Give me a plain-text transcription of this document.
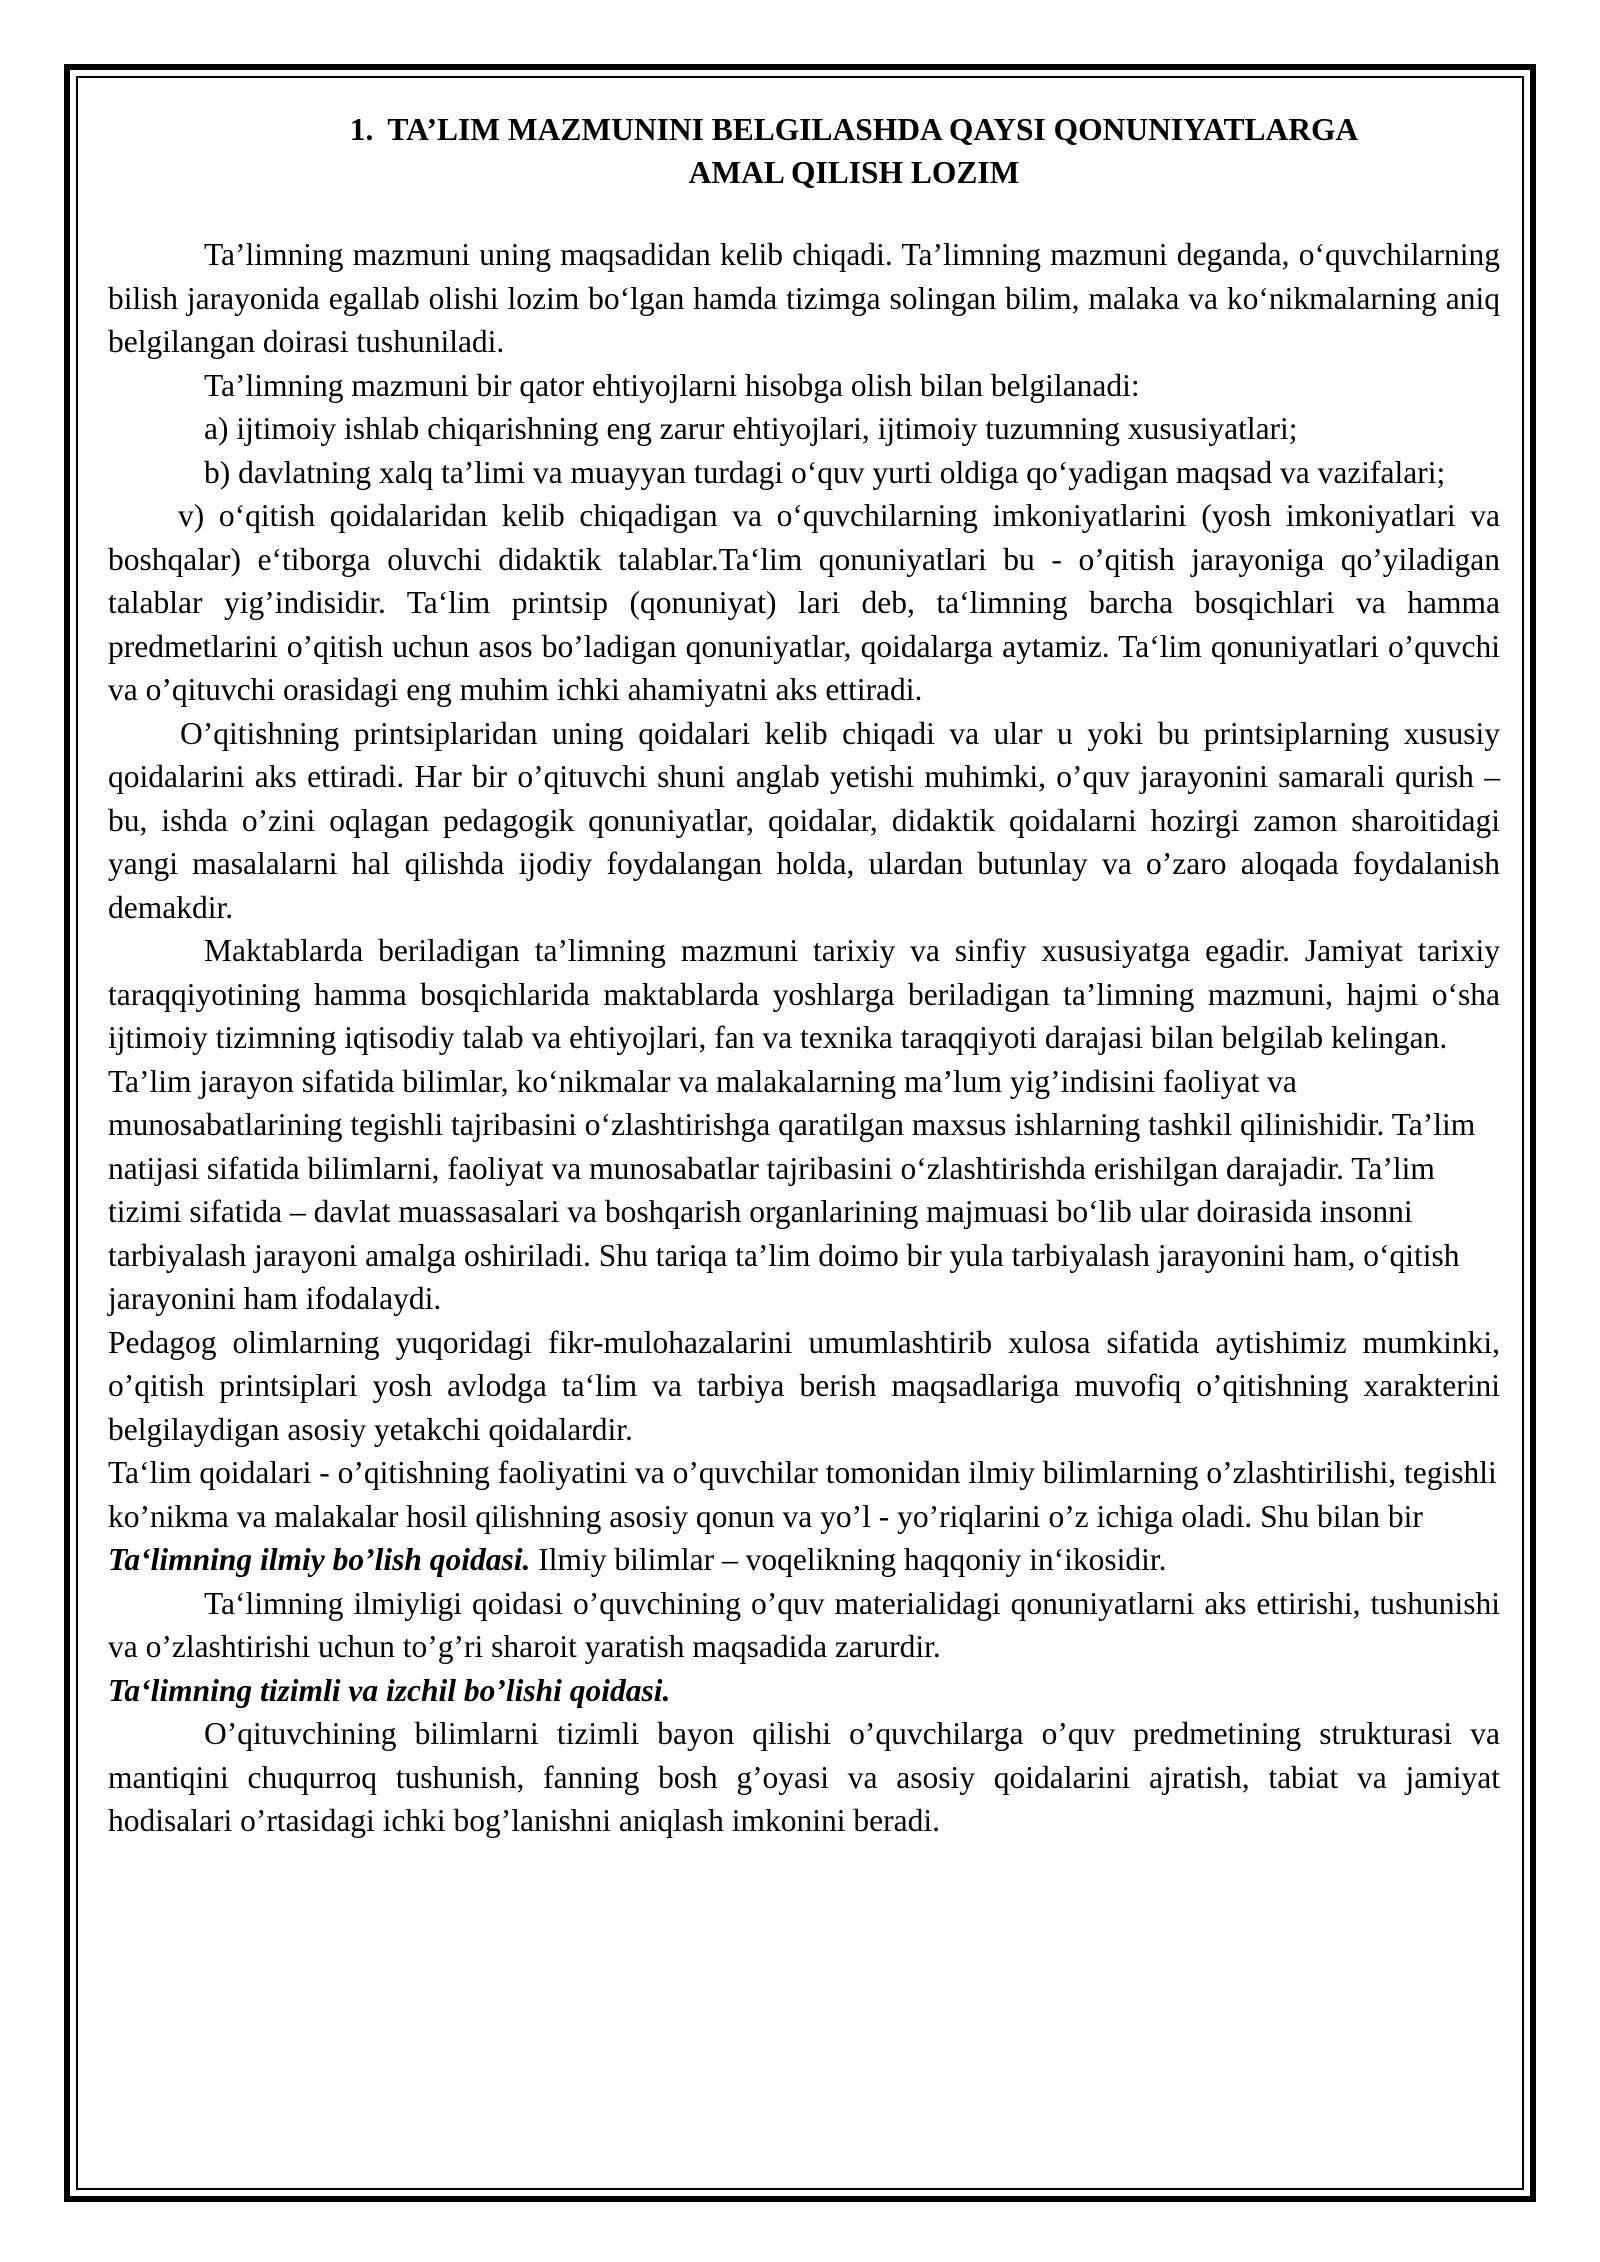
1. TA’LIM MAZMUNINI BELGILASHDA QAYSI QONUNIYATLARGA
AMAL QILISH LOZIM

Ta’limning mazmuni uning maqsadidan kelib chiqadi. Ta’limning mazmuni deganda, o‘quvchilarning bilish jarayonida egallab olishi lozim bo‘lgan hamda tizimga solingan bilim, malaka va ko‘nikmalarning aniq belgilangan doirasi tushuniladi.

Ta’limning mazmuni bir qator ehtiyojlarni hisobga olish bilan belgilanadi:

a) ijtimoiy ishlab chiqarishning eng zarur ehtiyojlari, ijtimoiy tuzumning xususiyatlari;

b) davlatning xalq ta’limi va muayyan turdagi o‘quv yurti oldiga qo‘yadigan maqsad va vazifalari;

v) o‘qitish qoidalaridan kelib chiqadigan va o‘quvchilarning imkoniyatlarini (yosh imkoniyatlari va boshqalar) e‘tiborga oluvchi didaktik talablar.Ta‘lim qonuniyatlari bu - o’qitish jarayoniga qo’yiladigan talablar yig’indisidir. Ta‘lim printsip (qonuniyat) lari deb, ta‘limning barcha bosqichlari va hamma predmetlarini o’qitish uchun asos bo’ladigan qonuniyatlar, qoidalarga aytamiz. Ta‘lim qonuniyatlari o’quvchi va o’qituvchi orasidagi eng muhim ichki ahamiyatni aks ettiradi.

O’qitishning printsiplaridan uning qoidalari kelib chiqadi va ular u yoki bu printsiplarning xususiy qoidalarini aks ettiradi. Har bir o’qituvchi shuni anglab yetishi muhimki, o’quv jarayonini samarali qurish – bu, ishda o’zini oqlagan pedagogik qonuniyatlar, qoidalar, didaktik qoidalarni hozirgi zamon sharoitidagi yangi masalalarni hal qilishda ijodiy foydalangan holda, ulardan butunlay va o’zaro aloqada foydalanish demakdir.

Maktablarda beriladigan ta’limning mazmuni tarixiy va sinfiy xususiyatga egadir. Jamiyat tarixiy taraqqiyotining hamma bosqichlarida maktablarda yoshlarga beriladigan ta’limning mazmuni, hajmi o‘sha ijtimoiy tizimning iqtisodiy talab va ehtiyojlari, fan va texnika taraqqiyoti darajasi bilan belgilab kelingan.

Ta’lim jarayon sifatida bilimlar, ko‘nikmalar va malakalarning ma’lum yig’indisini faoliyat va munosabatlarining tegishli tajribasini o‘zlashtirishga qaratilgan maxsus ishlarning tashkil qilinishidir. Ta’lim natijasi sifatida bilimlarni, faoliyat va munosabatlar tajribasini o‘zlashtirishda erishilgan darajadir. Ta’lim tizimi sifatida – davlat muassasalari va boshqarish organlarining majmuasi bo‘lib ular doirasida insonni tarbiyalash jarayoni amalga oshiriladi. Shu tariqa ta’lim doimo bir yula tarbiyalash jarayonini ham, o‘qitish jarayonini ham ifodalaydi.

Pedagog olimlarning yuqoridagi fikr-mulohazalarini umumlashtirib xulosa sifatida aytishimiz mumkinki, o’qitish printsiplari yosh avlodga ta‘lim va tarbiya berish maqsadlariga muvofiq o’qitishning xarakterini belgilaydigan asosiy yetakchi qoidalardir.

Ta‘lim qoidalari - o’qitishning faoliyatini va o’quvchilar tomonidan ilmiy bilimlarning o’zlashtirilishi, tegishli ko’nikma va malakalar hosil qilishning asosiy qonun va yo’l - yo’riqlarini o’z ichiga oladi. Shu bilan bir

Ta‘limning ilmiy bo’lish qoidasi. Ilmiy bilimlar – voqelikning haqqoniy in‘ikosidir.

Ta‘limning ilmiyligi qoidasi o’quvchining o’quv materialidagi qonuniyatlarni aks ettirishi, tushunishi va o’zlashtirishi uchun to’g’ri sharoit yaratish maqsadida zarurdir.

Ta‘limning tizimli va izchil bo’lishi qoidasi.

O’qituvchining bilimlarni tizimli bayon qilishi o’quvchilarga o’quv predmetining strukturasi va mantiqini chuqurroq tushunish, fanning bosh g’oyasi va asosiy qoidalarini ajratish, tabiat va jamiyat hodisalari o’rtasidagi ichki bog’lanishni aniqlash imkonini beradi.
